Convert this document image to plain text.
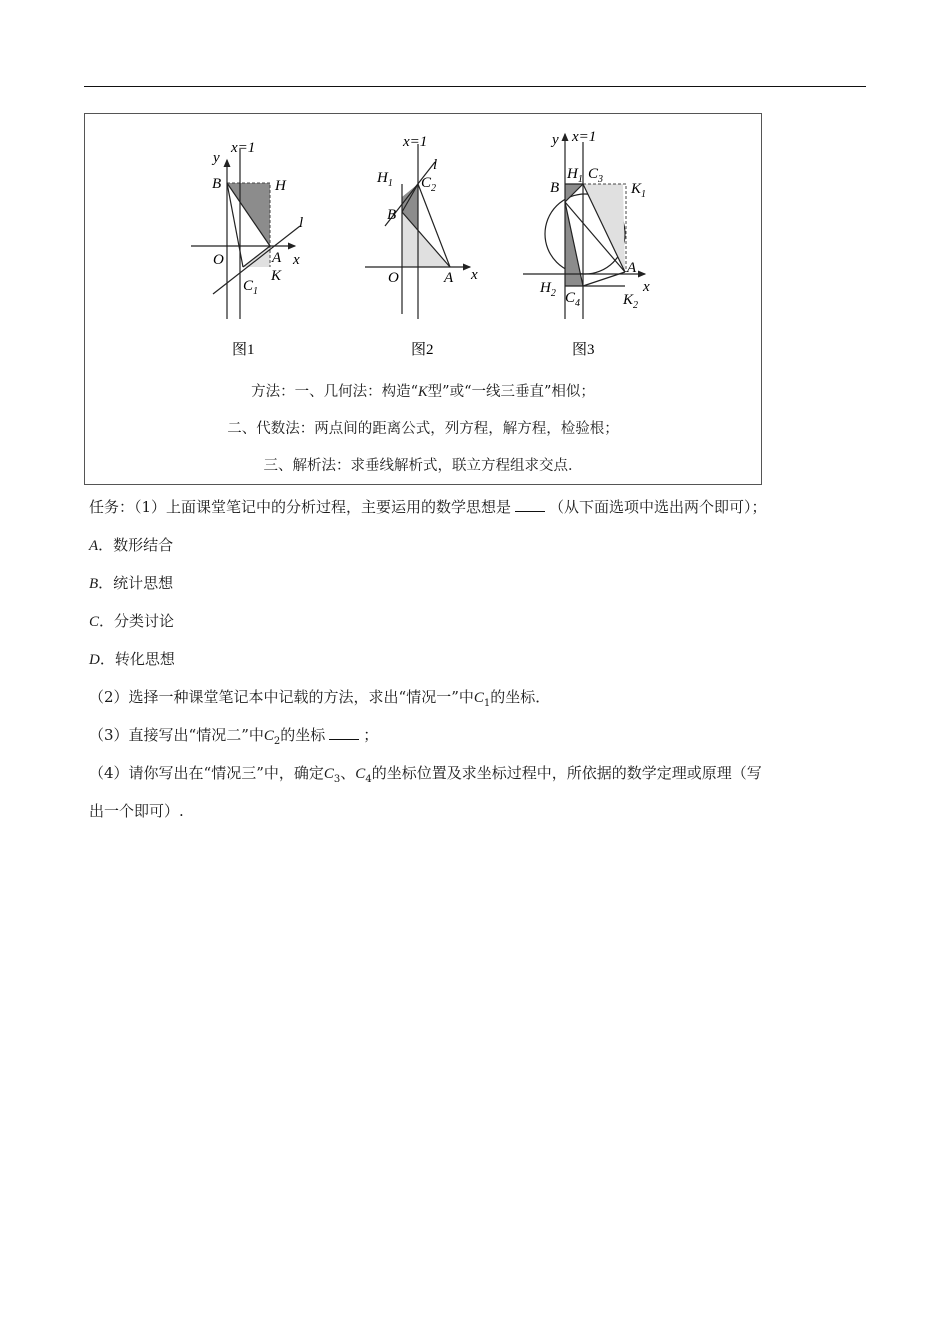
y
x=1
B	H
l
O	A x
$C_1$
K
图1
x=1
l
$H_1$ $C_2$
B
O	A x
图2
y x=1
$H_1$ $C_3$
B	$K_1$
A
x
$H_2$ $C_4$	$K_2$
图3
方法：一、几何法：构造“K型”或“一线三垂直”相似；
二、代数法：两点间的距离公式，列方程，解方程，检验根；
三、解析法：求垂线解析式，联立方程组求交点．
任务：（1）上面课堂笔记中的分析过程，主要运用的数学思想是	（从下面选项中选出两个即可）；
A．数形结合
B．统计思想
C．分类讨论
D．转化思想
（2）选择一种课堂笔记本中记载的方法，求出“情况一”中$C_1$的坐标．
（3）直接写出“情况二”中$C_2$的坐标	；
（4）请你写出在“情况三”中，确定$C_3$、$C_4$的坐标位置及求坐标过程中，所依据的数学定理或原理（写
出一个即可）.
